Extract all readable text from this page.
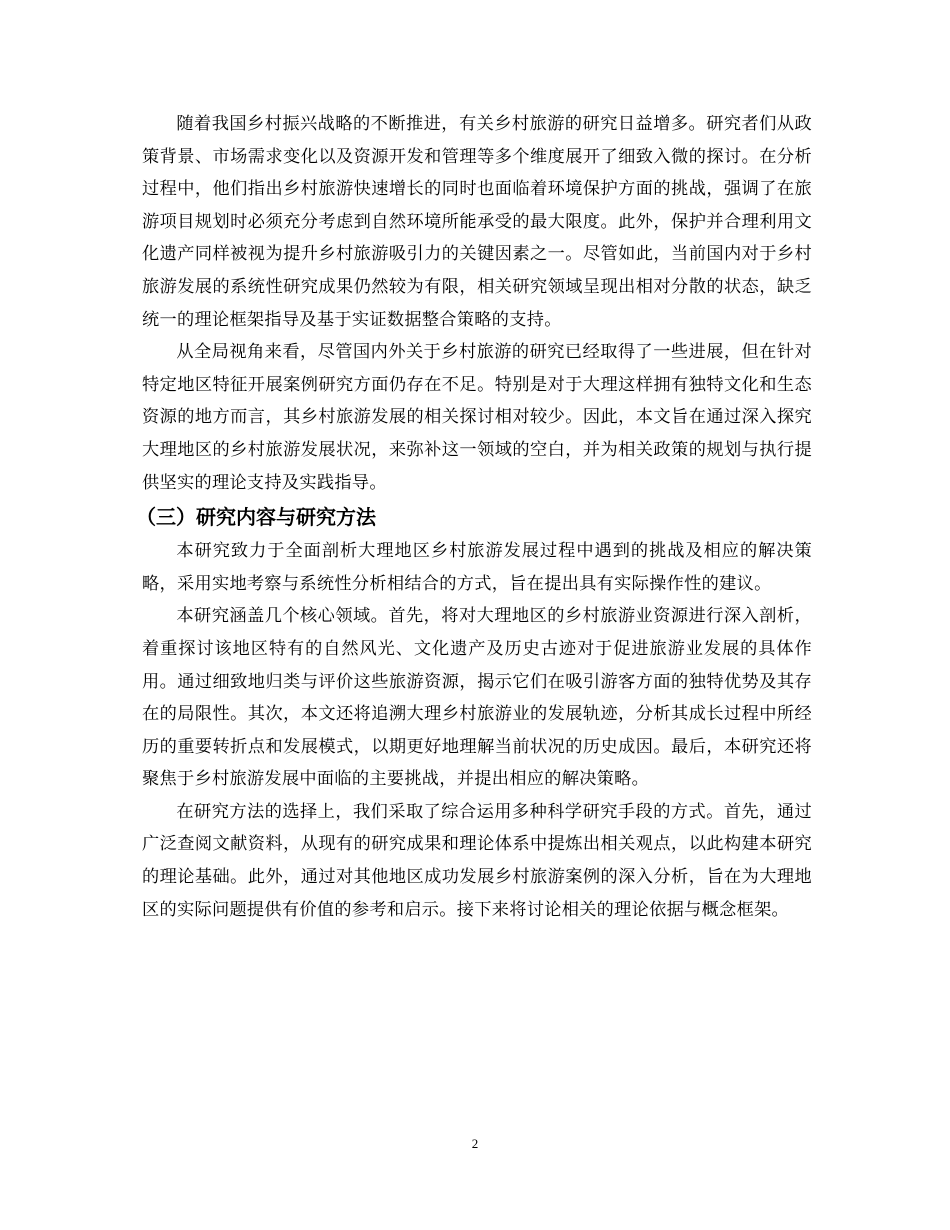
随着我国乡村振兴战略的不断推进，有关乡村旅游的研究日益增多。研究者们从政策背景、市场需求变化以及资源开发和管理等多个维度展开了细致入微的探讨。在分析过程中，他们指出乡村旅游快速增长的同时也面临着环境保护方面的挑战，强调了在旅游项目规划时必须充分考虑到自然环境所能承受的最大限度。此外，保护并合理利用文化遗产同样被视为提升乡村旅游吸引力的关键因素之一。尽管如此，当前国内对于乡村旅游发展的系统性研究成果仍然较为有限，相关研究领域呈现出相对分散的状态，缺乏统一的理论框架指导及基于实证数据整合策略的支持。

从全局视角来看，尽管国内外关于乡村旅游的研究已经取得了一些进展，但在针对特定地区特征开展案例研究方面仍存在不足。特别是对于大理这样拥有独特文化和生态资源的地方而言，其乡村旅游发展的相关探讨相对较少。因此，本文旨在通过深入探究大理地区的乡村旅游发展状况，来弥补这一领域的空白，并为相关政策的规划与执行提供坚实的理论支持及实践指导。

（三）研究内容与研究方法

本研究致力于全面剖析大理地区乡村旅游发展过程中遇到的挑战及相应的解决策略，采用实地考察与系统性分析相结合的方式，旨在提出具有实际操作性的建议。

本研究涵盖几个核心领域。首先，将对大理地区的乡村旅游业资源进行深入剖析，着重探讨该地区特有的自然风光、文化遗产及历史古迹对于促进旅游业发展的具体作用。通过细致地归类与评价这些旅游资源，揭示它们在吸引游客方面的独特优势及其存在的局限性。其次，本文还将追溯大理乡村旅游业的发展轨迹，分析其成长过程中所经历的重要转折点和发展模式，以期更好地理解当前状况的历史成因。最后，本研究还将聚焦于乡村旅游发展中面临的主要挑战，并提出相应的解决策略。

在研究方法的选择上，我们采取了综合运用多种科学研究手段的方式。首先，通过广泛查阅文献资料，从现有的研究成果和理论体系中提炼出相关观点，以此构建本研究的理论基础。此外，通过对其他地区成功发展乡村旅游案例的深入分析，旨在为大理地区的实际问题提供有价值的参考和启示。接下来将讨论相关的理论依据与概念框架。

2
